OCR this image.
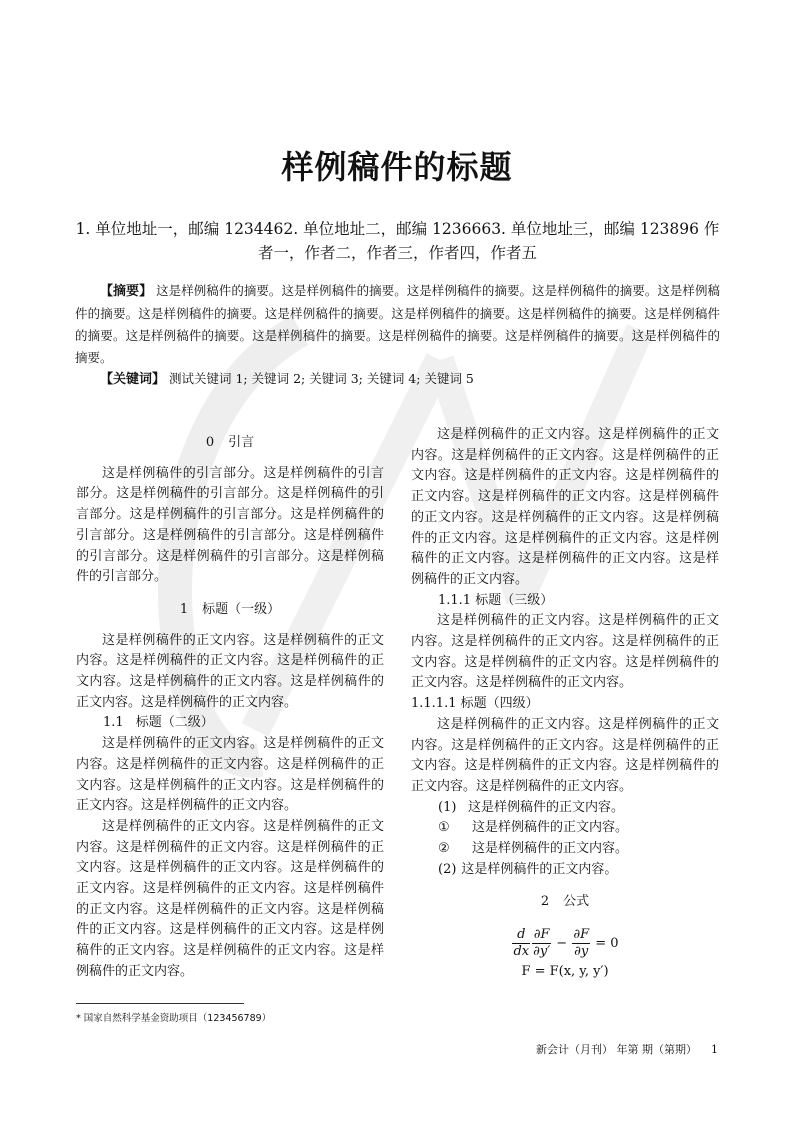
样例稿件的标题
1. 单位地址一，邮编 1234462. 单位地址二，邮编 1236663. 单位地址三，邮编 123896 作者一，作者二，作者三，作者四，作者五
【摘要】 这是样例稿件的摘要。这是样例稿件的摘要。这是样例稿件的摘要。这是样例稿件的摘要。这是样例稿件的摘要。这是样例稿件的摘要。这是样例稿件的摘要。这是样例稿件的摘要。这是样例稿件的摘要。这是样例稿件的摘要。这是样例稿件的摘要。这是样例稿件的摘要。这是样例稿件的摘要。这是样例稿件的摘要。这是样例稿件的摘要。
【关键词】 测试关键词 1; 关键词 2; 关键词 3; 关键词 4; 关键词 5
0 引言

这是样例稿件的引言部分。这是样例稿件的引言部分。这是样例稿件的引言部分。这是样例稿件的引言部分。这是样例稿件的引言部分。这是样例稿件的引言部分。这是样例稿件的引言部分。这是样例稿件的引言部分。这是样例稿件的引言部分。这是样例稿件的引言部分。

1 标题（一级）

这是样例稿件的正文内容。这是样例稿件的正文内容。这是样例稿件的正文内容。这是样例稿件的正文内容。这是样例稿件的正文内容。这是样例稿件的正文内容。这是样例稿件的正文内容。

1.1 标题（二级）

这是样例稿件的正文内容。这是样例稿件的正文内容。这是样例稿件的正文内容。这是样例稿件的正文内容。这是样例稿件的正文内容。这是样例稿件的正文内容。这是样例稿件的正文内容。

这是样例稿件的正文内容。这是样例稿件的正文内容。这是样例稿件的正文内容。这是样例稿件的正文内容。这是样例稿件的正文内容。这是样例稿件的正文内容。这是样例稿件的正文内容。这是样例稿件的正文内容。这是样例稿件的正文内容。这是样例稿件的正文内容。这是样例稿件的正文内容。这是样例稿件的正文内容。这是样例稿件的正文内容。这是样例稿件的正文内容。

这是样例稿件的正文内容。这是样例稿件的正文内容。这是样例稿件的正文内容。这是样例稿件的正文内容。这是样例稿件的正文内容。这是样例稿件的正文内容。这是样例稿件的正文内容。这是样例稿件的正文内容。这是样例稿件的正文内容。这是样例稿件的正文内容。这是样例稿件的正文内容。这是样例稿件的正文内容。这是样例稿件的正文内容。这是样例稿件的正文内容。

1.1.1 标题（三级）

这是样例稿件的正文内容。这是样例稿件的正文内容。这是样例稿件的正文内容。这是样例稿件的正文内容。这是样例稿件的正文内容。这是样例稿件的正文内容。这是样例稿件的正文内容。

1.1.1.1 标题（四级）

这是样例稿件的正文内容。这是样例稿件的正文内容。这是样例稿件的正文内容。这是样例稿件的正文内容。这是样例稿件的正文内容。这是样例稿件的正文内容。这是样例稿件的正文内容。

(1) 这是样例稿件的正文内容。
① 这是样例稿件的正文内容。
② 这是样例稿件的正文内容。
(2) 这是样例稿件的正文内容。
2 公式
$\frac{d}{dx} \frac{\partial F}{\partial y'} - \frac{\partial F}{\partial y} = 0$
F = F(x, y, y′)
* 国家自然科学基金资助项目（123456789）
新会计（月刊） 年第 期（第期） 1
